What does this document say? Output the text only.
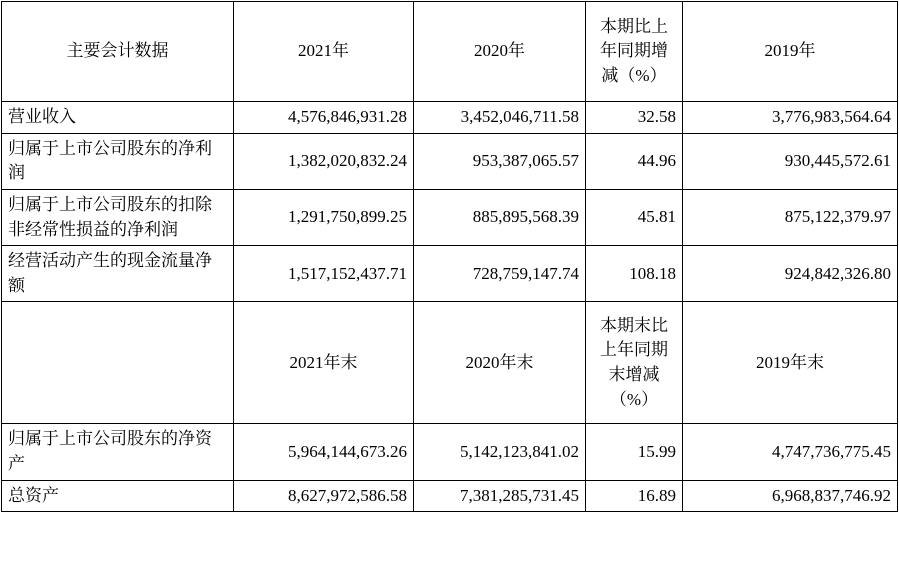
主要会计数据	2021年	2020年	本期比上年同期增减（%）	2019年
营业收入	4,576,846,931.28	3,452,046,711.58	32.58	3,776,983,564.64
归属于上市公司股东的净利润	1,382,020,832.24	953,387,065.57	44.96	930,445,572.61
归属于上市公司股东的扣除非经常性损益的净利润	1,291,750,899.25	885,895,568.39	45.81	875,122,379.97
经营活动产生的现金流量净额	1,517,152,437.71	728,759,147.74	108.18	924,842,326.80
	2021年末	2020年末	本期末比上年同期末增减（%）	2019年末
归属于上市公司股东的净资产	5,964,144,673.26	5,142,123,841.02	15.99	4,747,736,775.45
总资产	8,627,972,586.58	7,381,285,731.45	16.89	6,968,837,746.92
